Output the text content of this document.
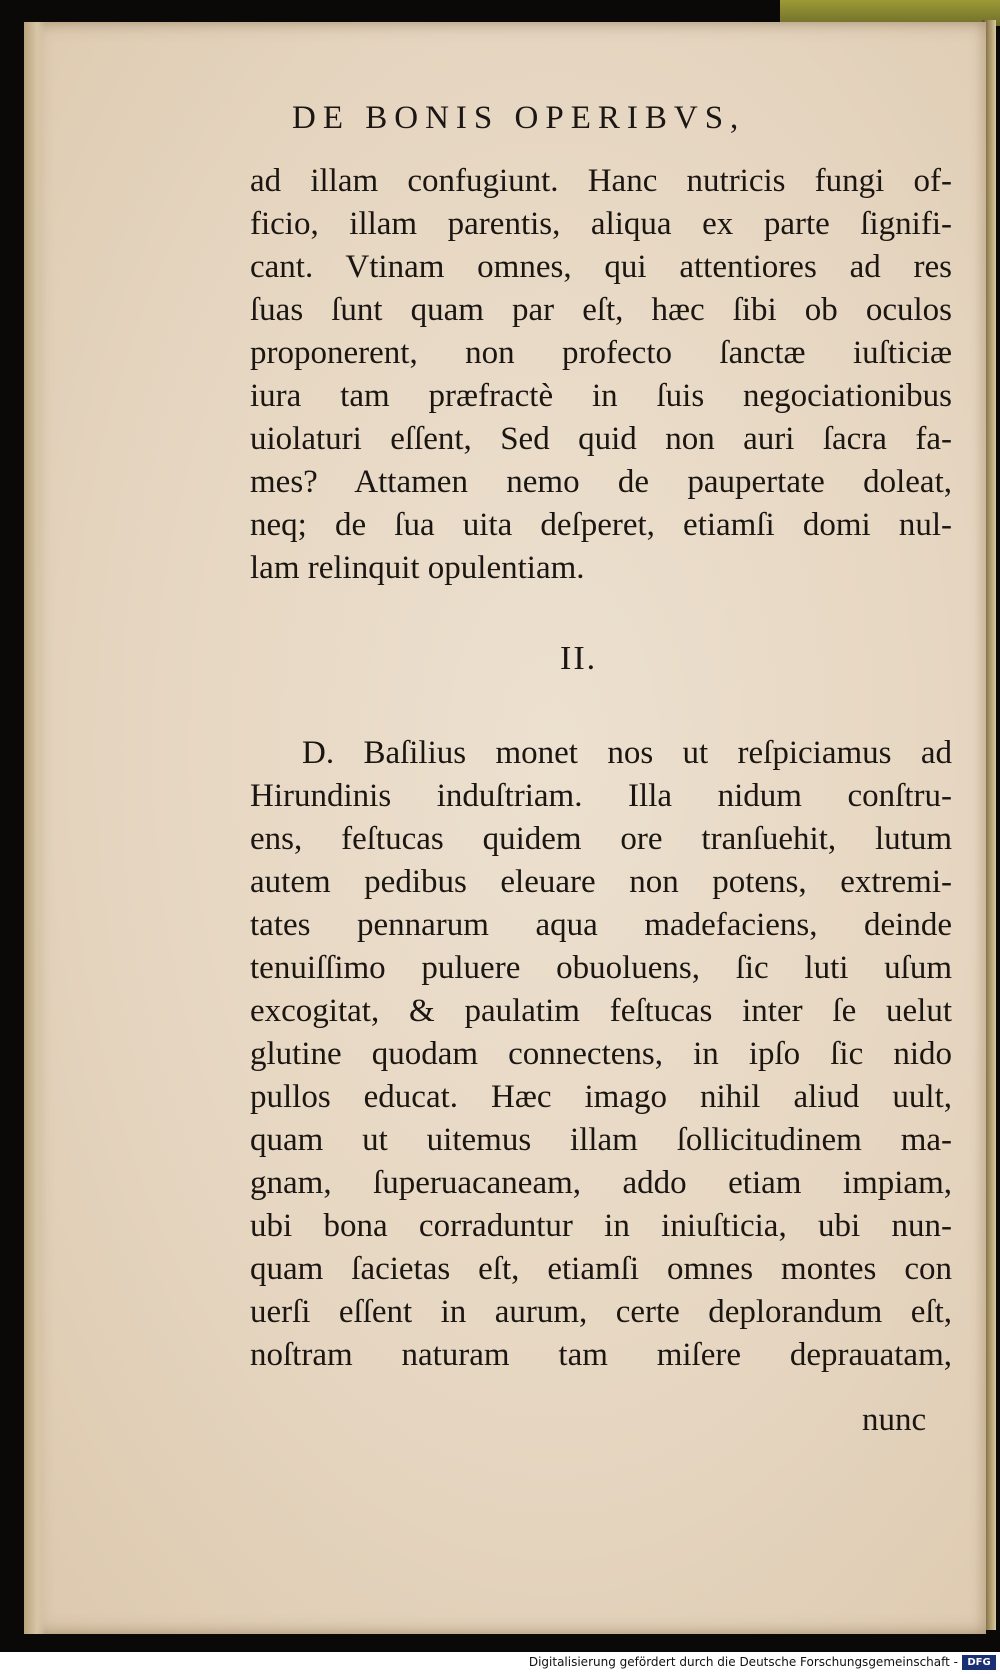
DE BONIS OPERIBVS,
ad illam confugiunt. Hanc nutricis fungi of-
ficio, illam parentis, aliqua ex parte ſignifi-
cant. Vtinam omnes, qui attentiores ad res
ſuas ſunt quam par eſt, hæc ſibi ob oculos
proponerent, non profecto ſanctæ iuſticiæ
iura tam præfractè in ſuis negociationibus
uiolaturi eſſent, Sed quid non auri ſacra fa-
mes? Attamen nemo de paupertate doleat,
neq; de ſua uita deſperet, etiamſi domi nul-
lam relinquit opulentiam.
II.
D. Baſilius monet nos ut reſpiciamus ad
Hirundinis induſtriam. Illa nidum conſtru-
ens, feſtucas quidem ore tranſuehit, lutum
autem pedibus eleuare non potens, extremi-
tates pennarum aqua madefaciens, deinde
tenuiſſimo puluere obuoluens, ſic luti uſum
excogitat, & paulatim feſtucas inter ſe uelut
glutine quodam connectens, in ipſo ſic nido
pullos educat. Hæc imago nihil aliud uult,
quam ut uitemus illam ſollicitudinem ma-
gnam, ſuperuacaneam, addo etiam impiam,
ubi bona corraduntur in iniuſticia, ubi nun-
quam ſacietas eſt, etiamſi omnes montes con
uerſi eſſent in aurum, certe deplorandum eſt,
noſtram naturam tam miſere deprauatam,
nunc
Digitalisierung gefördert durch die Deutsche Forschungsgemeinschaft - DFG
